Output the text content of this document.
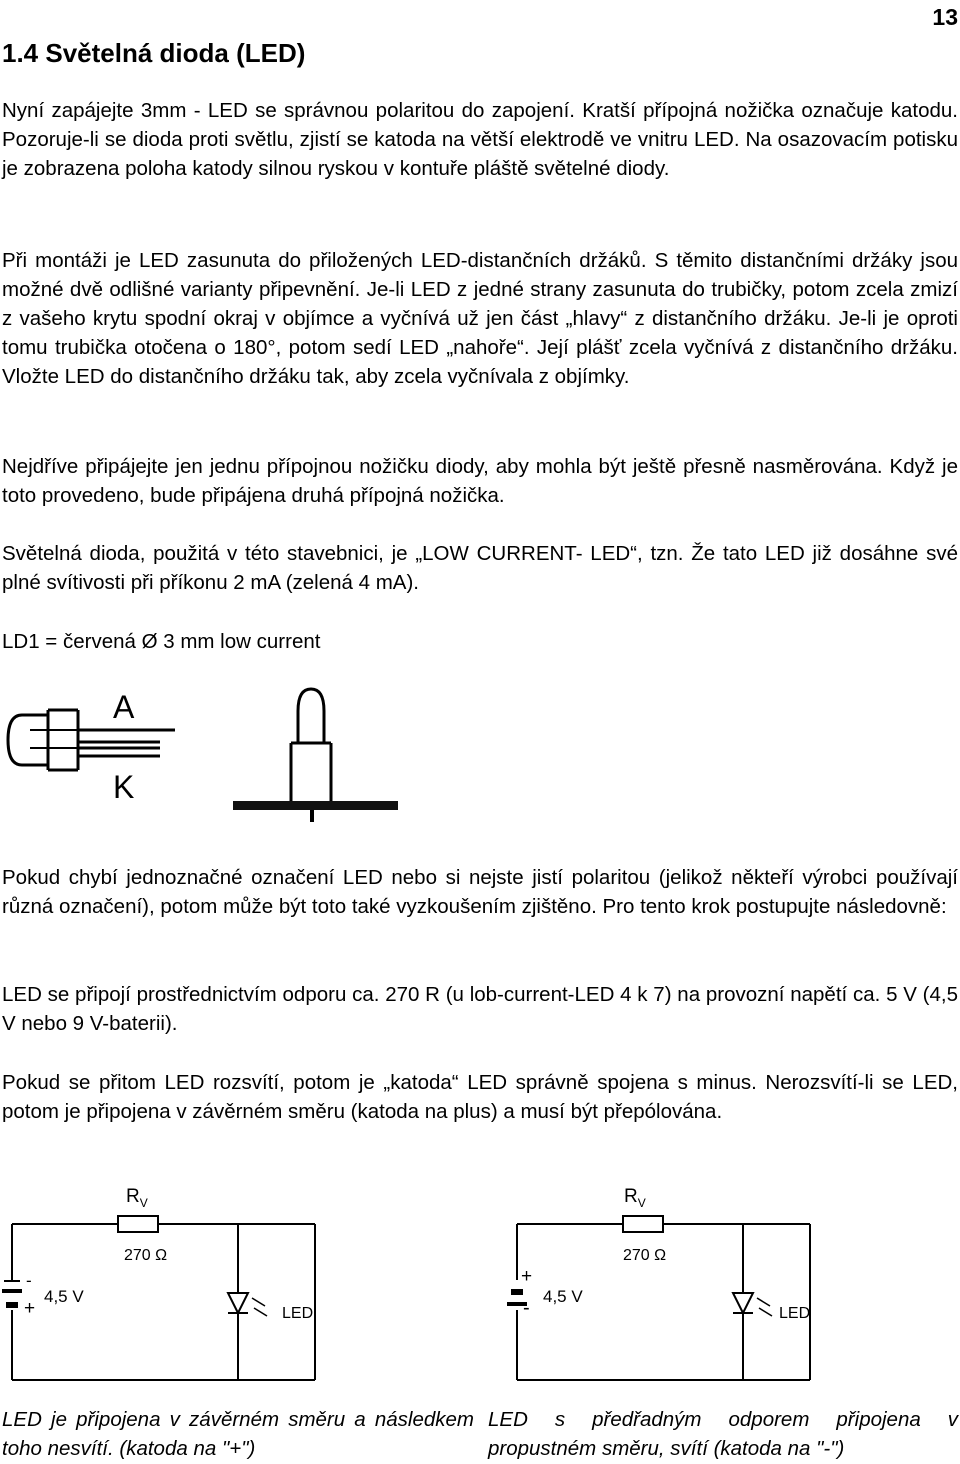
13
1.4 Světelná dioda (LED)

Nyní zapájejte 3mm - LED se správnou polaritou do zapojení. Kratší přípojná nožička označuje katodu. Pozoruje-li se dioda proti světlu, zjistí se katoda na větší elektrodě ve vnitru LED. Na osazovacím potisku je zobrazena poloha katody silnou ryskou v kontuře pláště světelné diody.

Při montáži je LED zasunuta do přiložených LED-distančních držáků. S těmito distančními držáky jsou možné dvě odlišné varianty připevnění. Je-li LED z jedné strany zasunuta do trubičky, potom zcela zmizí z vašeho krytu spodní okraj v objímce a vyčnívá už jen část „hlavy“ z distančního držáku. Je-li je oproti tomu trubička otočena o 180°, potom sedí LED „nahoře“. Její plášť zcela vyčnívá z distančního držáku. Vložte LED do distančního držáku tak, aby zcela vyčnívala z objímky.

Nejdříve připájejte jen jednu přípojnou nožičku diody, aby mohla být ještě přesně nasměrována. Když je toto provedeno, bude připájena druhá přípojná nožička.

Světelná dioda, použitá v této stavebnici, je „LOW CURRENT- LED“, tzn. Že tato LED již dosáhne své plné svítivosti při příkonu 2 mA (zelená 4 mA).

LD1 = červená Ø 3 mm low current

A
K

Pokud chybí jednoznačné označení LED nebo si nejste jistí polaritou (jelikož někteří výrobci používají různá označení), potom může být toto také vyzkoušením zjištěno. Pro tento krok postupujte následovně:

LED se připojí prostřednictvím odporu ca. 270 R (u lob-current-LED 4 k 7) na provozní napětí ca. 5 V (4,5 V nebo 9 V-baterii).

Pokud se přitom LED rozsvítí, potom je „katoda“ LED správně spojena s minus. Nerozsvítí-li se LED, potom je připojena v závěrném směru (katoda na plus) a musí být přepólována.

-
+
4,5 V
LED
270 Ω
$R_V$
+
-
4,5 V
LED
270 Ω
$R_V$

LED je připojena v závěrném směru a následkem toho nesvítí. (katoda na "+")

LED s předřadným odporem připojena v propustném směru, svítí (katoda na "-")
